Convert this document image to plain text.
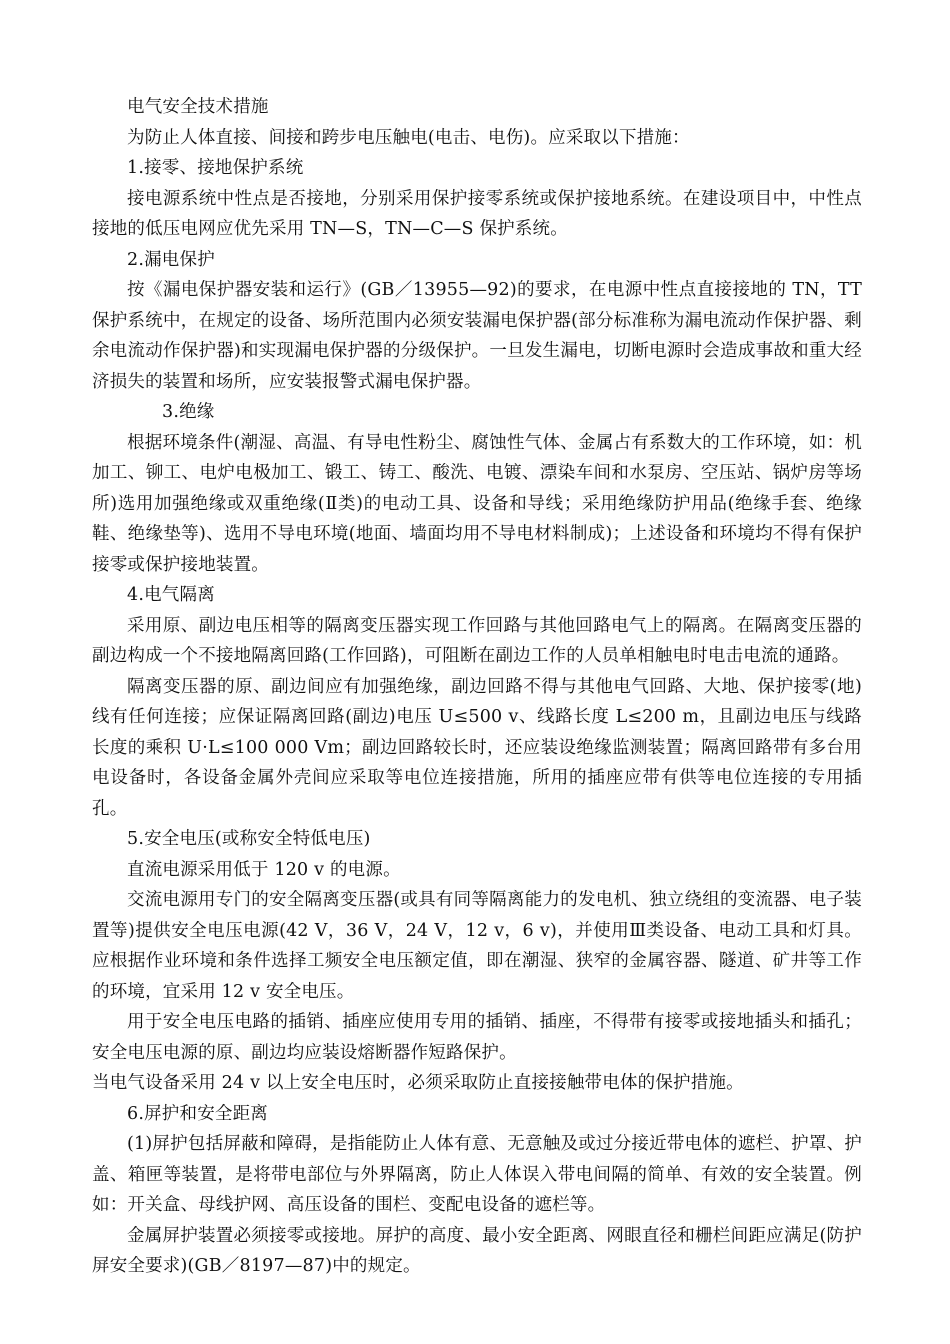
电气安全技术措施

为防止人体直接、间接和跨步电压触电(电击、电伤)。应采取以下措施：

1.接零、接地保护系统

接电源系统中性点是否接地，分别采用保护接零系统或保护接地系统。在建设项目中，中性点接地的低压电网应优先采用 TN—S，TN—C—S 保护系统。

2.漏电保护

按《漏电保护器安装和运行》(GB／13955—92)的要求，在电源中性点直接接地的 TN，TT 保护系统中，在规定的设备、场所范围内必须安装漏电保护器(部分标准称为漏电流动作保护器、剩余电流动作保护器)和实现漏电保护器的分级保护。一旦发生漏电，切断电源时会造成事故和重大经济损失的装置和场所，应安装报警式漏电保护器。

3.绝缘

根据环境条件(潮湿、高温、有导电性粉尘、腐蚀性气体、金属占有系数大的工作环境，如：机加工、铆工、电炉电极加工、锻工、铸工、酸洗、电镀、漂染车间和水泵房、空压站、锅炉房等场所)选用加强绝缘或双重绝缘(Ⅱ类)的电动工具、设备和导线；采用绝缘防护用品(绝缘手套、绝缘鞋、绝缘垫等)、选用不导电环境(地面、墙面均用不导电材料制成)；上述设备和环境均不得有保护接零或保护接地装置。

4.电气隔离

采用原、副边电压相等的隔离变压器实现工作回路与其他回路电气上的隔离。在隔离变压器的副边构成一个不接地隔离回路(工作回路)，可阻断在副边工作的人员单相触电时电击电流的通路。

隔离变压器的原、副边间应有加强绝缘，副边回路不得与其他电气回路、大地、保护接零(地)线有任何连接；应保证隔离回路(副边)电压 U≤500 v、线路长度 L≤200 m，且副边电压与线路长度的乘积 U·L≤100 000 Vm；副边回路较长时，还应装设绝缘监测装置；隔离回路带有多台用电设备时，各设备金属外壳间应采取等电位连接措施，所用的插座应带有供等电位连接的专用插孔。

5.安全电压(或称安全特低电压)

直流电源采用低于 120 v 的电源。

交流电源用专门的安全隔离变压器(或具有同等隔离能力的发电机、独立绕组的变流器、电子装置等)提供安全电压电源(42 V，36 V，24 V，12 v，6 v)，并使用Ⅲ类设备、电动工具和灯具。应根据作业环境和条件选择工频安全电压额定值，即在潮湿、狭窄的金属容器、隧道、矿井等工作的环境，宜采用 12 v 安全电压。

用于安全电压电路的插销、插座应使用专用的插销、插座，不得带有接零或接地插头和插孔；安全电压电源的原、副边均应装设熔断器作短路保护。

当电气设备采用 24 v 以上安全电压时，必须采取防止直接接触带电体的保护措施。

6.屏护和安全距离

(1)屏护包括屏蔽和障碍，是指能防止人体有意、无意触及或过分接近带电体的遮栏、护罩、护盖、箱匣等装置，是将带电部位与外界隔离，防止人体误入带电间隔的简单、有效的安全装置。例如：开关盒、母线护网、高压设备的围栏、变配电设备的遮栏等。

金属屏护装置必须接零或接地。屏护的高度、最小安全距离、网眼直径和栅栏间距应满足(防护屏安全要求)(GB／8197—87)中的规定。
